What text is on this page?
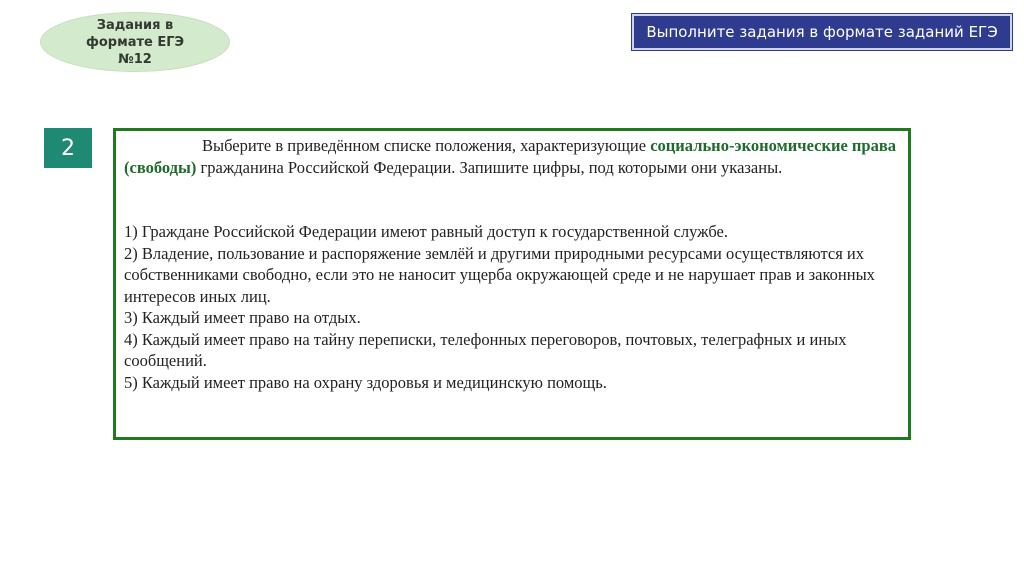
Задания в
формате ЕГЭ
№12
Выполните задания в формате заданий ЕГЭ
2	Выберите в приведённом списке положения, характеризующие социально-экономические права (свободы) гражданина Российской Федерации. Запишите цифры, под которыми они указаны.

1) Граждане Российской Федерации имеют равный доступ к государственной службе.

2) Владение, пользование и распоряжение землёй и другими природными ресурсами осуществляются их собственниками свободно, если это не наносит ущерба окружающей среде и не нарушает прав и законных интересов иных лиц.

3) Каждый имеет право на отдых.

4) Каждый имеет право на тайну переписки, телефонных переговоров, почтовых, телеграфных и иных сообщений.

5) Каждый имеет право на охрану здоровья и медицинскую помощь.
